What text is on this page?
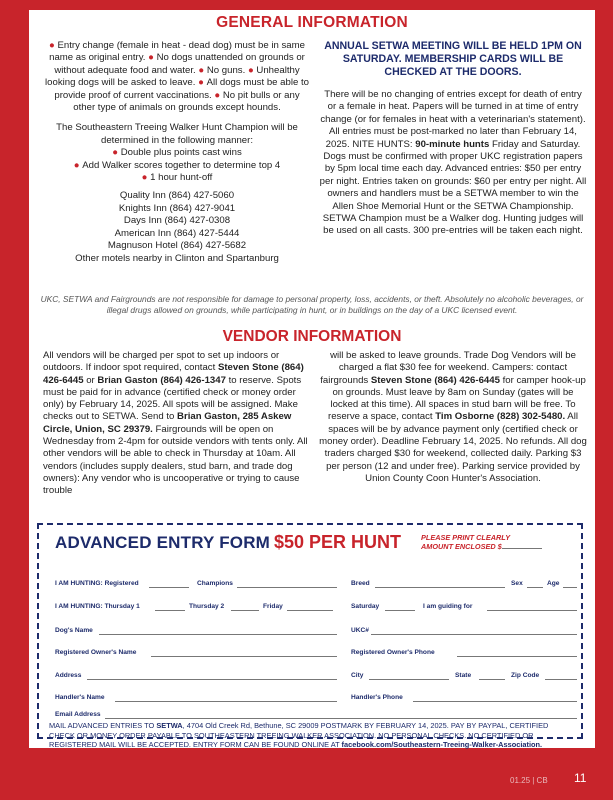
GENERAL INFORMATION
● Entry change (female in heat - dead dog) must be in same name as original entry. ● No dogs unattended on grounds or without adequate food and water. ● No guns. ● Unhealthy looking dogs will be asked to leave. ● All dogs must be able to provide proof of current vaccinations. ● No pit bulls or any other type of animals on grounds except hounds.
The Southeastern Treeing Walker Hunt Champion will be determined in the following manner:
● Double plus points cast wins
● Add Walker scores together to determine top 4
● 1 hour hunt-off
Quality Inn (864) 427-5060
Knights Inn (864) 427-9041
Days Inn (864) 427-0308
American Inn (864) 427-5444
Magnuson Hotel (864) 427-5682
Other motels nearby in Clinton and Spartanburg
ANNUAL SETWA MEETING WILL BE HELD 1PM ON SATURDAY. MEMBERSHIP CARDS WILL BE CHECKED AT THE DOORS.
There will be no changing of entries except for death of entry or a female in heat. Papers will be turned in at time of entry change (or for females in heat with a veterinarian's statement). All entries must be post-marked no later than February 14, 2025. NITE HUNTS: 90-minute hunts Friday and Saturday. Dogs must be confirmed with proper UKC registration papers by 5pm local time each day. Advanced entries: $50 per entry per night. Entries taken on grounds: $60 per entry per night. All owners and handlers must be a SETWA member to win the Allen Shoe Memorial Hunt or the SETWA Championship. SETWA Champion must be a Walker dog. Hunting judges will be used on all casts. 300 pre-entries will be taken each night.
UKC, SETWA and Fairgrounds are not responsible for damage to personal property, loss, accidents, or theft. Absolutely no alcoholic beverages, or illegal drugs allowed on grounds, while participating in hunt, or in buildings on the day of a UKC licensed event.
VENDOR INFORMATION
All vendors will be charged per spot to set up indoors or outdoors. If indoor spot required, contact Steven Stone (864) 426-6445 or Brian Gaston (864) 426-1347 to reserve. Spots must be paid for in advance (certified check or money order only) by February 14, 2025. All spots will be assigned. Make checks out to SETWA. Send to Brian Gaston, 285 Askew Circle, Union, SC 29379. Fairgrounds will be open on Wednesday from 2-4pm for outside vendors with tents only. All other vendors will be able to check in Thursday at 10am. All vendors (includes supply dealers, stud barn, and trade dog owners): Any vendor who is uncooperative or trying to cause trouble
will be asked to leave grounds. Trade Dog Vendors will be charged a flat $30 fee for weekend. Campers: contact fairgrounds Steven Stone (864) 426-6445 for camper hook-up on grounds. Must leave by 8am on Sunday (gates will be locked at this time). All spaces in stud barn will be free. To reserve a space, contact Tim Osborne (828) 302-5480. All spaces will be by advance payment only (certified check or money order). Deadline February 14, 2025. No refunds. All dog traders charged $30 for weekend, collected daily. Parking $3 per person (12 and under free). Parking service provided by Union County Coon Hunter's Association.
ADVANCED ENTRY FORM $50 PER HUNT	PLEASE PRINT CLEARLY
AMOUNT ENCLOSED $
I AM HUNTING: Registered	Champions	Breed	Sex	Age
I AM HUNTING: Thursday 1	Thursday 2	Friday	Saturday	I am guiding for
Dog's Name	UKC#
Registered Owner's Name	Registered Owner's Phone
Address	City	State	Zip Code
Handler's Name	Handler's Phone
Email Address
MAIL ADVANCED ENTRIES TO SETWA, 4704 Old Creek Rd, Bethune, SC 29009 POSTMARK BY FEBRUARY 14, 2025. PAY BY PAYPAL, CERTIFIED CHECK OR MONEY ORDER PAYABLE TO SOUTHEASTERN TREEING WALKER ASSOCIATION. NO PERSONAL CHECKS. NO CERTIFIED OR REGISTERED MAIL WILL BE ACCEPTED. ENTRY FORM CAN BE FOUND ONLINE AT facebook.com/Southeastern-Treeing-Walker-Association.
01.25 | CB 11
